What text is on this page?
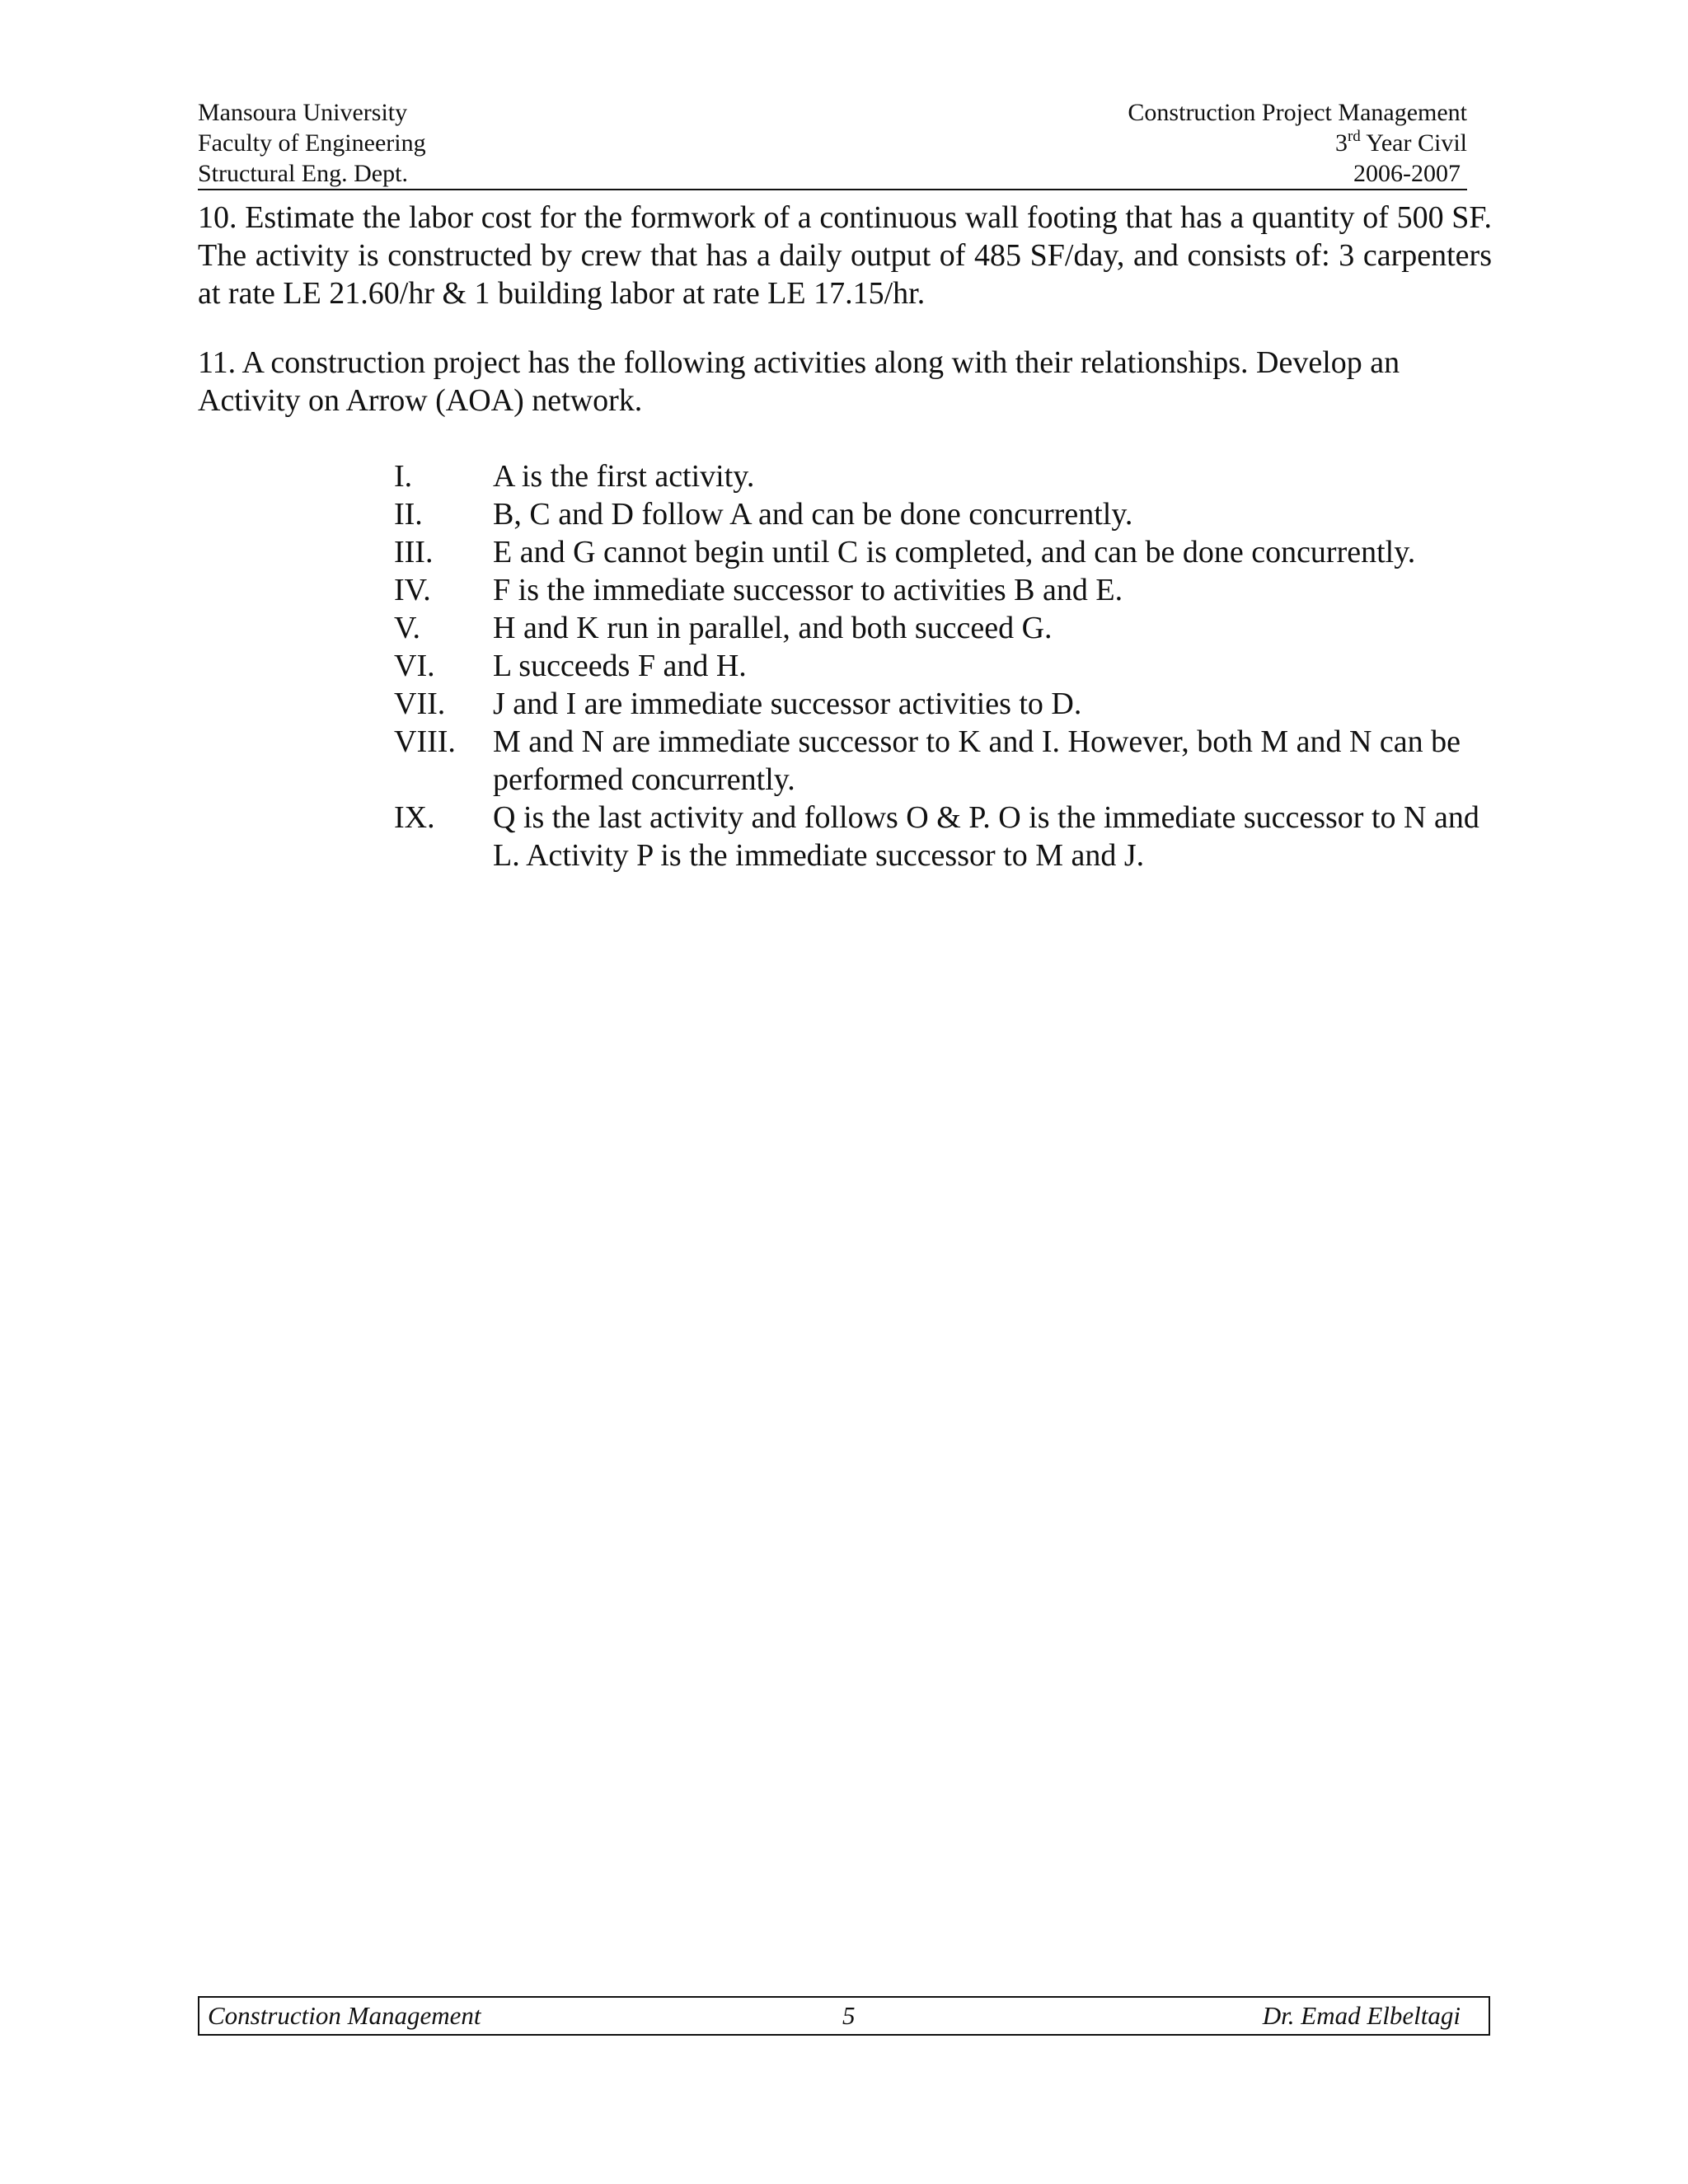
Mansoura University	Construction Project Management
Faculty of Engineering	3rd Year Civil
Structural Eng. Dept.	2006-2007
10. Estimate the labor cost for the formwork of a continuous wall footing that has a quantity of 500 SF. The activity is constructed by crew that has a daily output of 485 SF/day, and consists of: 3 carpenters at rate LE 21.60/hr & 1 building labor at rate LE 17.15/hr.
11. A construction project has the following activities along with their relationships. Develop an Activity on Arrow (AOA) network.
I.	A is the first activity.
II.	B, C and D follow A and can be done concurrently.
III.	E and G cannot begin until C is completed, and can be done concurrently.
IV.	F is the immediate successor to activities B and E.
V.	H and K run in parallel, and both succeed G.
VI.	L succeeds F and H.
VII.	J and I are immediate successor activities to D.
VIII.	M and N are immediate successor to K and I. However, both M and N can be performed concurrently.
IX.	Q is the last activity and follows O & P. O is the immediate successor to N and L. Activity P is the immediate successor to M and J.
Construction Management	5	Dr. Emad Elbeltagi
